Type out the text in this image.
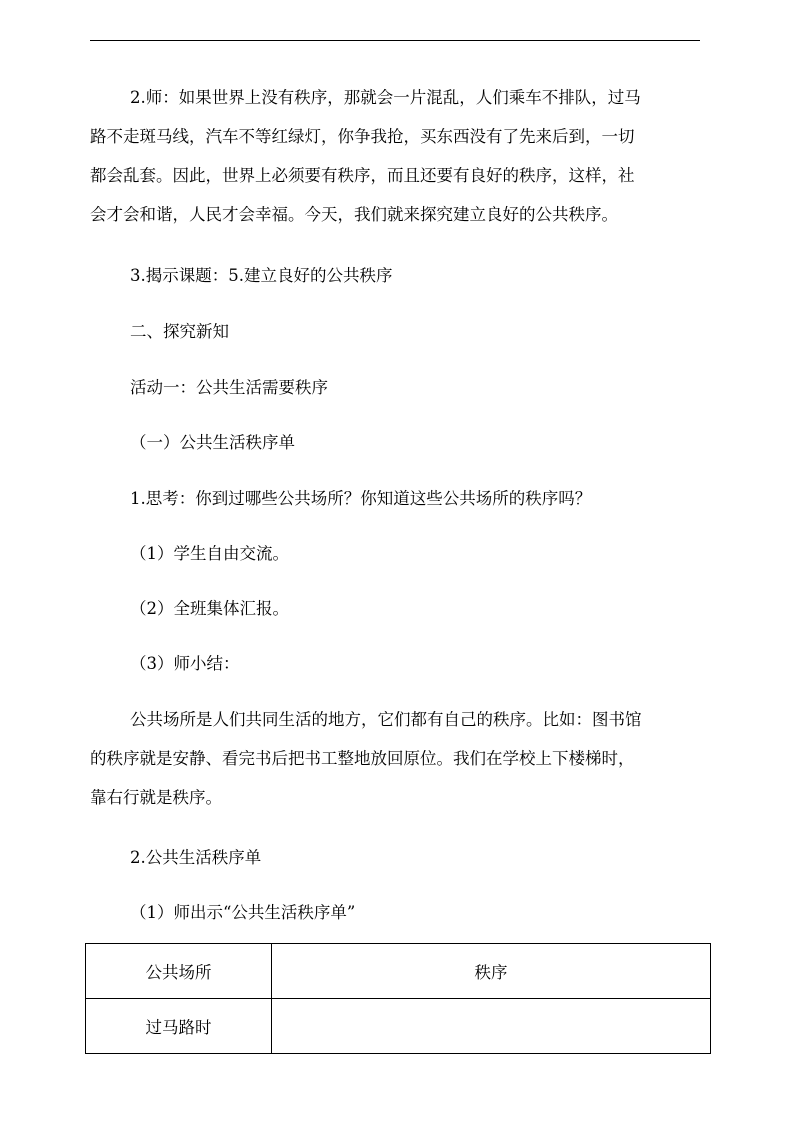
2.师：如果世界上没有秩序，那就会一片混乱，人们乘车不排队，过马

路不走斑马线，汽车不等红绿灯，你争我抢，买东西没有了先来后到，一切

都会乱套。因此，世界上必须要有秩序，而且还要有良好的秩序，这样，社

会才会和谐，人民才会幸福。今天，我们就来探究建立良好的公共秩序。

3.揭示课题：5.建立良好的公共秩序

二、探究新知

活动一：公共生活需要秩序

（一）公共生活秩序单

1.思考：你到过哪些公共场所？你知道这些公共场所的秩序吗？

（1）学生自由交流。

（2）全班集体汇报。

（3）师小结：

公共场所是人们共同生活的地方，它们都有自己的秩序。比如：图书馆

的秩序就是安静、看完书后把书工整地放回原位。我们在学校上下楼梯时，

靠右行就是秩序。

2.公共生活秩序单

（1）师出示“公共生活秩序单”

公共场所	秩序
过马路时	
